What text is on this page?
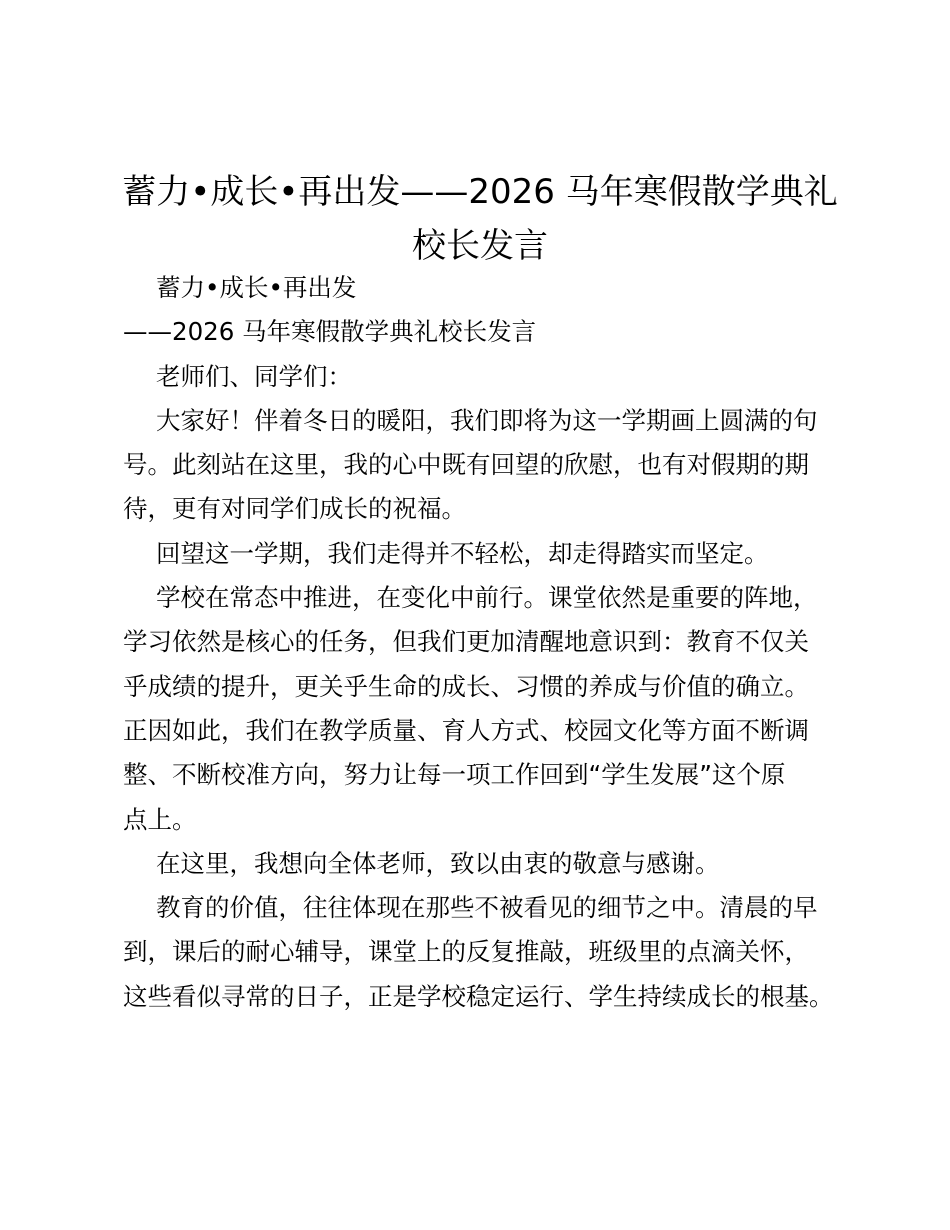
蓄力•成长•再出发——2026 马年寒假散学典礼
校长发言
蓄力•成长•再出发
——2026 马年寒假散学典礼校长发言
老师们、同学们：
大家好！伴着冬日的暖阳，我们即将为这一学期画上圆满的句
号。此刻站在这里，我的心中既有回望的欣慰，也有对假期的期
待，更有对同学们成长的祝福。
回望这一学期，我们走得并不轻松，却走得踏实而坚定。
学校在常态中推进，在变化中前行。课堂依然是重要的阵地，
学习依然是核心的任务，但我们更加清醒地意识到：教育不仅关
乎成绩的提升，更关乎生命的成长、习惯的养成与价值的确立。
正因如此，我们在教学质量、育人方式、校园文化等方面不断调
整、不断校准方向，努力让每一项工作回到“学生发展”这个原
点上。
在这里，我想向全体老师，致以由衷的敬意与感谢。
教育的价值，往往体现在那些不被看见的细节之中。清晨的早
到，课后的耐心辅导，课堂上的反复推敲，班级里的点滴关怀，
这些看似寻常的日子，正是学校稳定运行、学生持续成长的根基。
